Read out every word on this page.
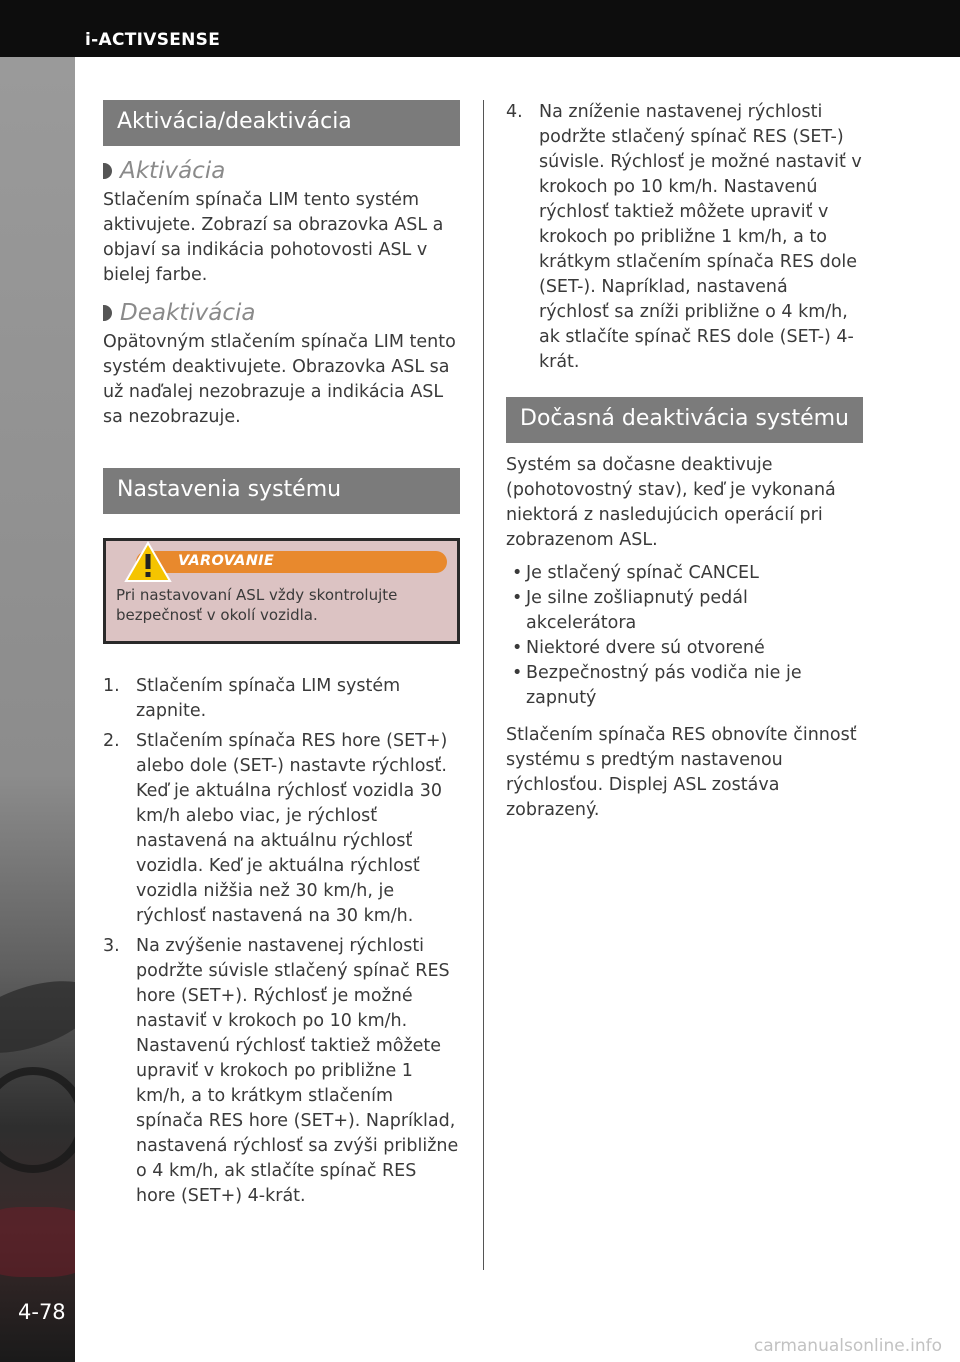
i-ACTIVSENSE
4-78
Aktivácia/deaktivácia
Aktivácia

Stlačením spínača LIM tento systém aktivujete. Zobrazí sa obrazovka ASL a objaví sa indikácia pohotovosti ASL v bielej farbe.

Deaktivácia

Opätovným stlačením spínača LIM tento systém deaktivujete. Obrazovka ASL sa už naďalej nezobrazuje a indikácia ASL sa nezobrazuje.

Nastavenia systému
VAROVANIE
Pri nastavovaní ASL vždy skontrolujte bezpečnosť v okolí vozidla.
1. Stlačením spínača LIM systém zapnite.
2. Stlačením spínača RES hore (SET+) alebo dole (SET-) nastavte rýchlosť. Keď je aktuálna rýchlosť vozidla 30 km/h alebo viac, je rýchlosť nastavená na aktuálnu rýchlosť vozidla. Keď je aktuálna rýchlosť vozidla nižšia než 30 km/h, je rýchlosť nastavená na 30 km/h.
3. Na zvýšenie nastavenej rýchlosti podržte súvisle stlačený spínač RES hore (SET+). Rýchlosť je možné nastaviť v krokoch po 10 km/h. Nastavenú rýchlosť taktiež môžete upraviť v krokoch po približne 1 km/h, a to krátkym stlačením spínača RES hore (SET+). Napríklad, nastavená rýchlosť sa zvýši približne o 4 km/h, ak stlačíte spínač RES hore (SET+) 4-krát.
4. Na zníženie nastavenej rýchlosti podržte stlačený spínač RES (SET-) súvisle. Rýchlosť je možné nastaviť v krokoch po 10 km/h. Nastavenú rýchlosť taktiež môžete upraviť v krokoch po približne 1 km/h, a to krátkym stlačením spínača RES dole (SET-). Napríklad, nastavená rýchlosť sa zníži približne o 4 km/h, ak stlačíte spínač RES dole (SET-) 4-krát.
Dočasná deaktivácia systému

Systém sa dočasne deaktivuje (pohotovostný stav), keď je vykonaná niektorá z nasledujúcich operácií pri zobrazenom ASL.

• Je stlačený spínač CANCEL
• Je silne zošliapnutý pedál akcelerátora
• Niektoré dvere sú otvorené
• Bezpečnostný pás vodiča nie je zapnutý

Stlačením spínača RES obnovíte činnosť systému s predtým nastavenou rýchlosťou. Displej ASL zostáva zobrazený.

carmanualsonline.info
